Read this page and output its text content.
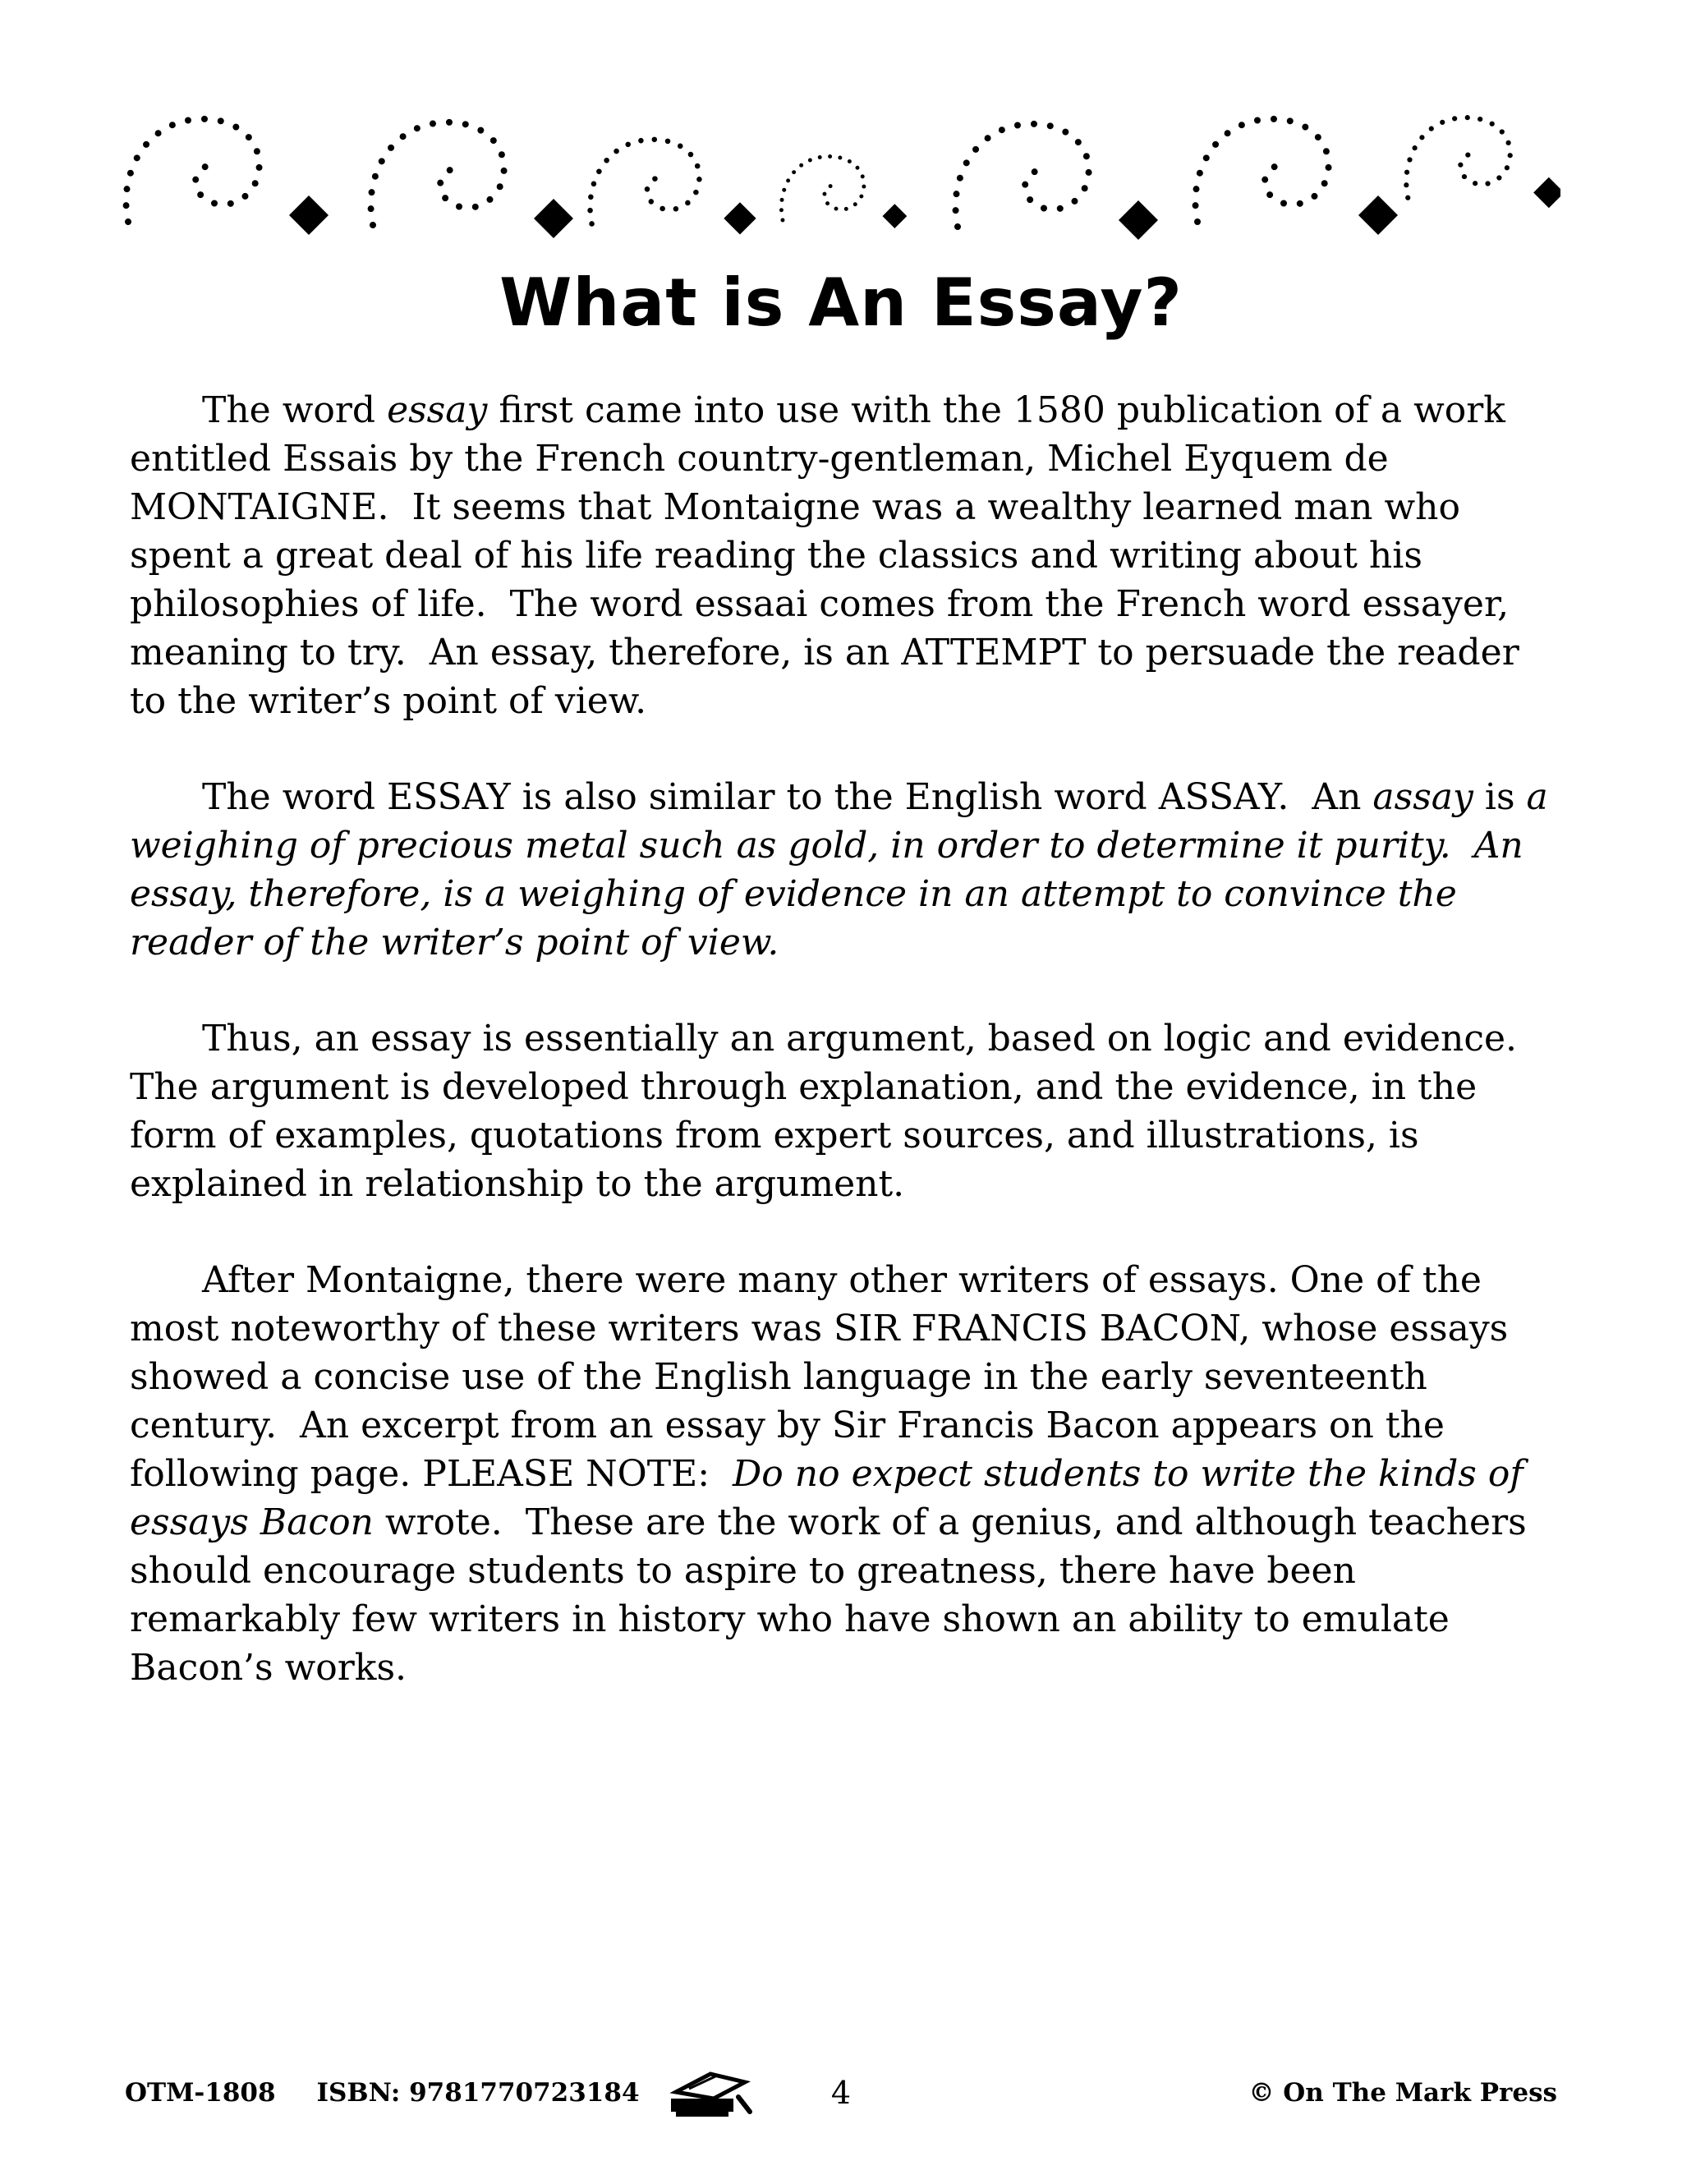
What is An Essay?

The word essay first came into use with the 1580 publication of a work entitled Essais by the French country-gentleman, Michel Eyquem de MONTAIGNE.  It seems that Montaigne was a wealthy learned man who spent a great deal of his life reading the classics and writing about his philosophies of life.  The word essaai comes from the French word essayer, meaning to try.  An essay, therefore, is an ATTEMPT to persuade the reader to the writer’s point of view.

The word ESSAY is also similar to the English word ASSAY.  An assay is a weighing of precious metal such as gold, in order to determine it purity.  An essay, therefore, is a weighing of evidence in an attempt to convince the reader of the writer’s point of view.

Thus, an essay is essentially an argument, based on logic and evidence. The argument is developed through explanation, and the evidence, in the form of examples, quotations from expert sources, and illustrations, is explained in relationship to the argument.

After Montaigne, there were many other writers of essays. One of the most noteworthy of these writers was SIR FRANCIS BACON, whose essays showed a concise use of the English language in the early seventeenth century.  An excerpt from an essay by Sir Francis Bacon appears on the following page. PLEASE NOTE:  Do no expect students to write the kinds of essays Bacon wrote.  These are the work of a genius, and although teachers should encourage students to aspire to greatness, there have been remarkably few writers in history who have shown an ability to emulate Bacon’s works.

OTM-1808 ISBN: 9781770723184	4	© On The Mark Press
